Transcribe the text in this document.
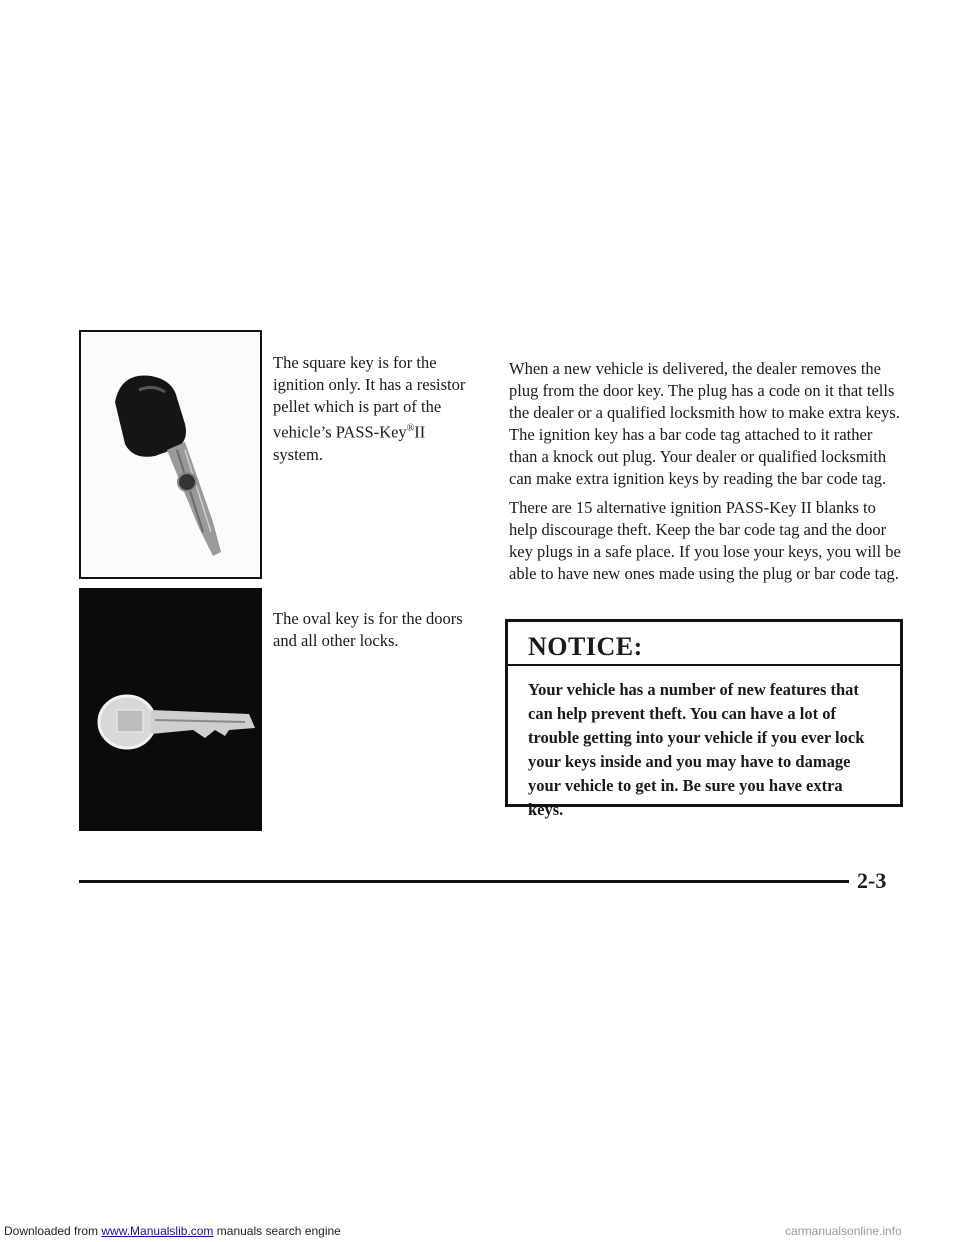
The square key is for the ignition only. It has a resistor pellet which is part of the vehicle’s PASS-Key®II system.
The oval key is for the doors and all other locks.

When a new vehicle is delivered, the dealer removes the plug from the door key. The plug has a code on it that tells the dealer or a qualified locksmith how to make extra keys. The ignition key has a bar code tag attached to it rather than a knock out plug. Your dealer or qualified locksmith can make extra ignition keys by reading the bar code tag.

There are 15 alternative ignition PASS-Key II blanks to help discourage theft. Keep the bar code tag and the door key plugs in a safe place. If you lose your keys, you will be able to have new ones made using the plug or bar code tag.

NOTICE:
Your vehicle has a number of new features that can help prevent theft. You can have a lot of trouble getting into your vehicle if you ever lock your keys inside and you may have to damage your vehicle to get in. Be sure you have extra keys.
2-3
Downloaded from www.Manualslib.com manuals search engine	carmanualsonline.info
